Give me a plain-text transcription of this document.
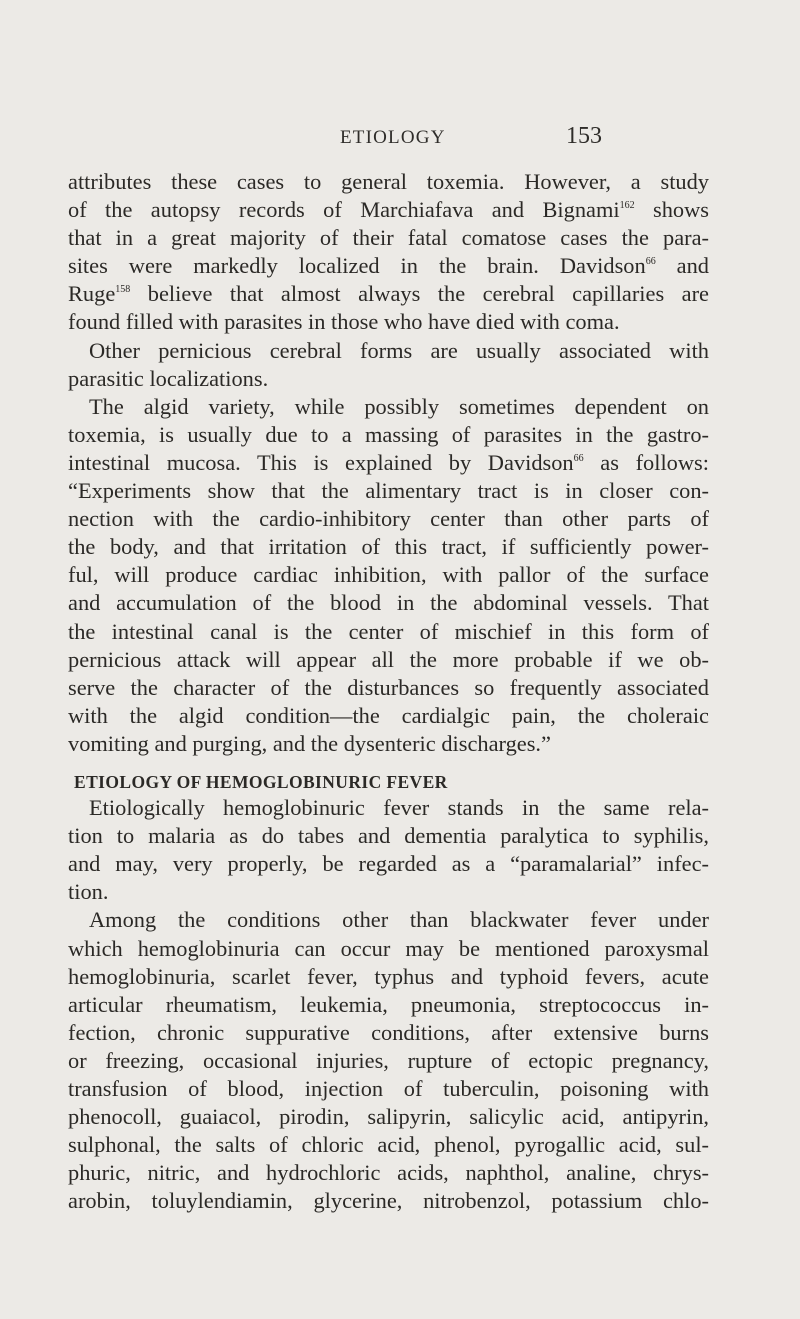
ETIOLOGY	153
attributes these cases to general toxemia. However, a study
of the autopsy records of Marchiafava and Bignami$^{162}$ shows
that in a great majority of their fatal comatose cases the para-
sites were markedly localized in the brain. Davidson$^{66}$ and
Ruge$^{158}$ believe that almost always the cerebral capillaries are
found filled with parasites in those who have died with coma.
Other pernicious cerebral forms are usually associated with
parasitic localizations.
The algid variety, while possibly sometimes dependent on
toxemia, is usually due to a massing of parasites in the gastro-
intestinal mucosa. This is explained by Davidson$^{66}$ as follows:
“Experiments show that the alimentary tract is in closer con-
nection with the cardio-inhibitory center than other parts of
the body, and that irritation of this tract, if sufficiently power-
ful, will produce cardiac inhibition, with pallor of the surface
and accumulation of the blood in the abdominal vessels. That
the intestinal canal is the center of mischief in this form of
pernicious attack will appear all the more probable if we ob-
serve the character of the disturbances so frequently associated
with the algid condition—the cardialgic pain, the choleraic
vomiting and purging, and the dysenteric discharges.”
ETIOLOGY OF HEMOGLOBINURIC FEVER
Etiologically hemoglobinuric fever stands in the same rela-
tion to malaria as do tabes and dementia paralytica to syphilis,
and may, very properly, be regarded as a “paramalarial” infec-
tion.
Among the conditions other than blackwater fever under
which hemoglobinuria can occur may be mentioned paroxysmal
hemoglobinuria, scarlet fever, typhus and typhoid fevers, acute
articular rheumatism, leukemia, pneumonia, streptococcus in-
fection, chronic suppurative conditions, after extensive burns
or freezing, occasional injuries, rupture of ectopic pregnancy,
transfusion of blood, injection of tuberculin, poisoning with
phenocoll, guaiacol, pirodin, salipyrin, salicylic acid, antipyrin,
sulphonal, the salts of chloric acid, phenol, pyrogallic acid, sul-
phuric, nitric, and hydrochloric acids, naphthol, analine, chrys-
arobin, toluylendiamin, glycerine, nitrobenzol, potassium chlo-
